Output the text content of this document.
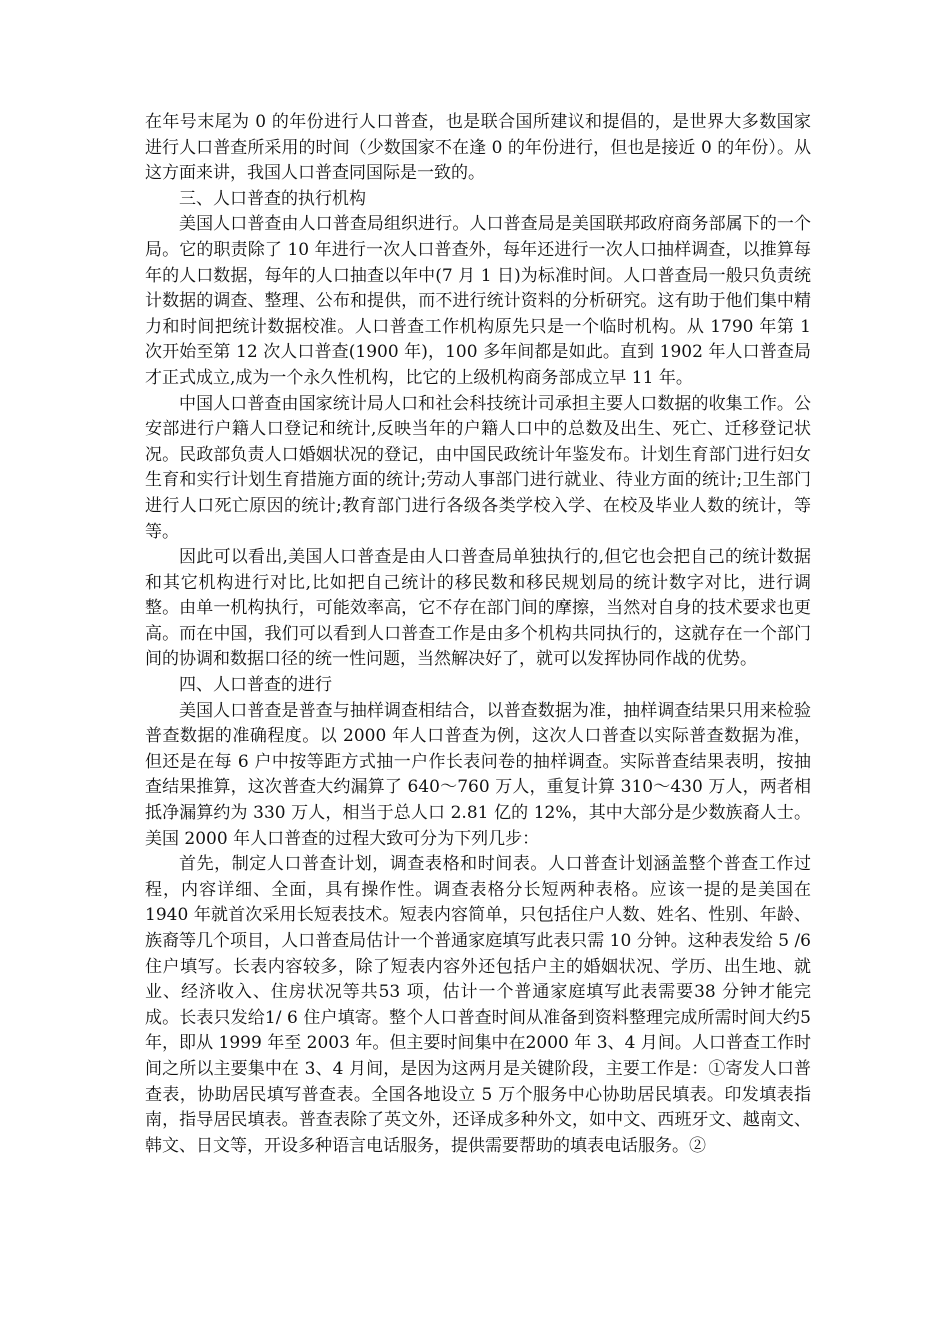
在年号末尾为 0 的年份进行人口普查，也是联合国所建议和提倡的，是世界大多数国家进行人口普查所采用的时间（少数国家不在逢 0 的年份进行，但也是接近 0 的年份）。从这方面来讲，我国人口普查同国际是一致的。

三、人口普查的执行机构

美国人口普查由人口普查局组织进行。人口普查局是美国联邦政府商务部属下的一个局。它的职责除了 10 年进行一次人口普查外，每年还进行一次人口抽样调查，以推算每年的人口数据，每年的人口抽查以年中(7 月 1 日)为标准时间。人口普查局一般只负责统计数据的调查、整理、公布和提供，而不进行统计资料的分析研究。这有助于他们集中精力和时间把统计数据校准。人口普查工作机构原先只是一个临时机构。从 1790 年第 1 次开始至第 12 次人口普查(1900 年)，100 多年间都是如此。直到 1902 年人口普查局才正式成立,成为一个永久性机构，比它的上级机构商务部成立早 11 年。

中国人口普查由国家统计局人口和社会科技统计司承担主要人口数据的收集工作。公安部进行户籍人口登记和统计,反映当年的户籍人口中的总数及出生、死亡、迁移登记状况。民政部负责人口婚姻状况的登记，由中国民政统计年鉴发布。计划生育部门进行妇女生育和实行计划生育措施方面的统计;劳动人事部门进行就业、待业方面的统计;卫生部门进行人口死亡原因的统计;教育部门进行各级各类学校入学、在校及毕业人数的统计，等等。

因此可以看出,美国人口普查是由人口普查局单独执行的,但它也会把自己的统计数据和其它机构进行对比,比如把自己统计的移民数和移民规划局的统计数字对比，进行调整。由单一机构执行，可能效率高，它不存在部门间的摩擦，当然对自身的技术要求也更高。而在中国，我们可以看到人口普查工作是由多个机构共同执行的，这就存在一个部门间的协调和数据口径的统一性问题，当然解决好了，就可以发挥协同作战的优势。

四、人口普查的进行

美国人口普查是普查与抽样调查相结合，以普查数据为准，抽样调查结果只用来检验普查数据的准确程度。以 2000 年人口普查为例，这次人口普查以实际普查数据为准，但还是在每 6 户中按等距方式抽一户作长表问卷的抽样调查。实际普查结果表明，按抽查结果推算，这次普查大约漏算了 640～760 万人，重复计算 310～430 万人，两者相抵净漏算约为 330 万人，相当于总人口 2.81 亿的 12%，其中大部分是少数族裔人士。美国 2000 年人口普查的过程大致可分为下列几步：

首先，制定人口普查计划，调查表格和时间表。人口普查计划涵盖整个普查工作过程，内容详细、全面，具有操作性。调查表格分长短两种表格。应该一提的是美国在 1940 年就首次采用长短表技术。短表内容简单，只包括住户人数、姓名、性别、年龄、族裔等几个项目，人口普查局估计一个普通家庭填写此表只需 10 分钟。这种表发给 5 /6 住户填写。长表内容较多，除了短表内容外还包括户主的婚姻状况、学历、出生地、就业、经济收入、住房状况等共53 项，估计一个普通家庭填写此表需要38 分钟才能完成。长表只发给1/ 6 住户填寄。整个人口普查时间从准备到资料整理完成所需时间大约5 年，即从 1999 年至 2003 年。但主要时间集中在2000 年 3、4 月间。人口普查工作时间之所以主要集中在 3、4 月间，是因为这两月是关键阶段，主要工作是：①寄发人口普查表，协助居民填写普查表。全国各地设立 5 万个服务中心协助居民填表。印发填表指南，指导居民填表。普查表除了英文外，还译成多种外文，如中文、西班牙文、越南文、韩文、日文等，开设多种语言电话服务，提供需要帮助的填表电话服务。②
